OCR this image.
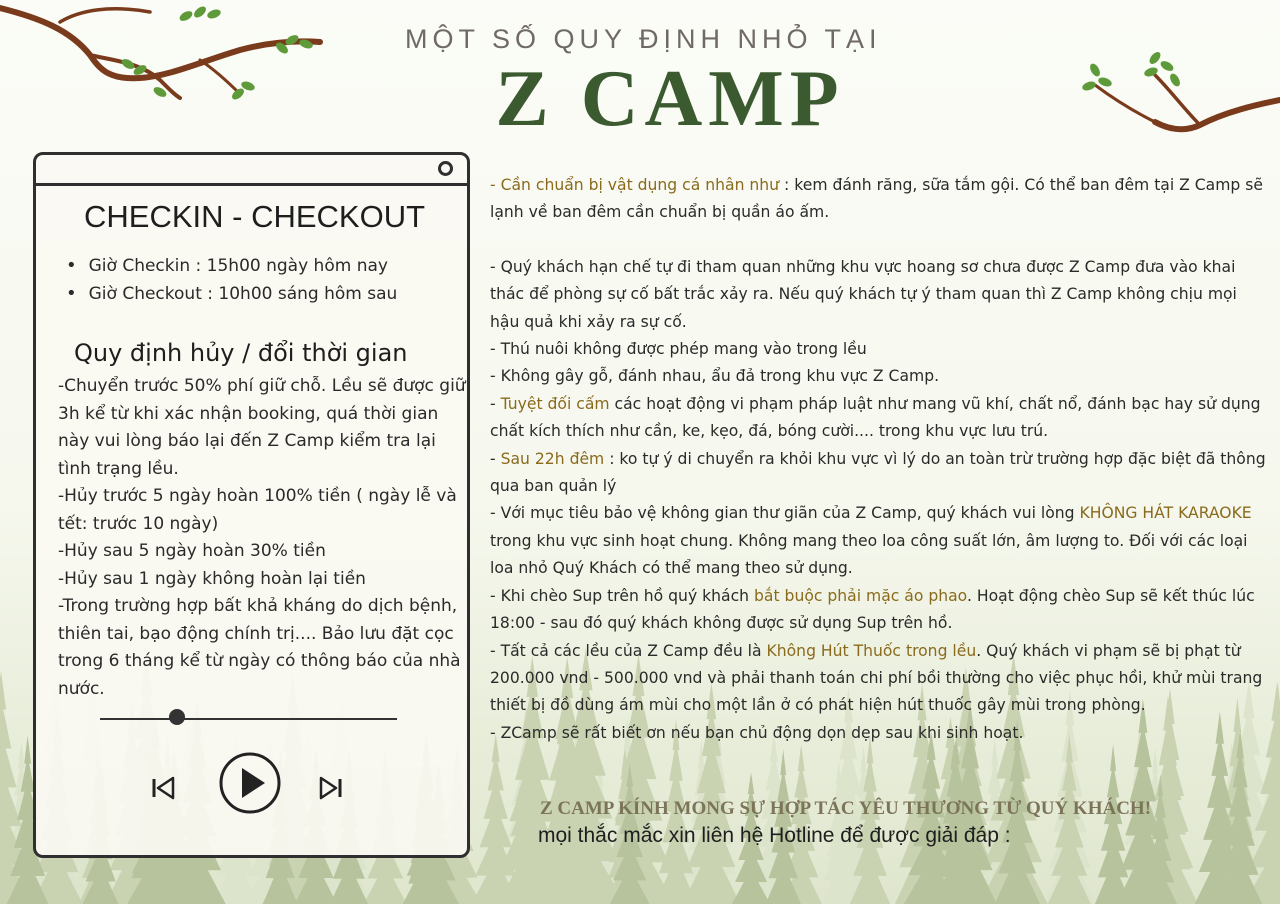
MỘT SỐ QUY ĐỊNH NHỎ TẠI
Z CAMP
CHECKIN - CHECKOUT
• Giờ Checkin : 15h00 ngày hôm nay
• Giờ Checkout : 10h00 sáng hôm sau
Quy định hủy / đổi thời gian

-Chuyển trước 50% phí giữ chỗ. Lều sẽ được giữ 3h kể từ khi xác nhận booking, quá thời gian này vui lòng báo lại đến Z Camp kiểm tra lại tình trạng lều.

-Hủy trước 5 ngày hoàn 100% tiền ( ngày lễ và tết: trước 10 ngày)

-Hủy sau 5 ngày hoàn 30% tiền

-Hủy sau 1 ngày không hoàn lại tiền

-Trong trường hợp bất khả kháng do dịch bệnh, thiên tai, bạo động chính trị.... Bảo lưu đặt cọc trong 6 tháng kể từ ngày có thông báo của nhà nước.

- Cần chuẩn bị vật dụng cá nhân như : kem đánh răng, sữa tắm gội. Có thể ban đêm tại Z Camp sẽ lạnh về ban đêm cần chuẩn bị quần áo ấm.

- Quý khách hạn chế tự đi tham quan những khu vực hoang sơ chưa được Z Camp đưa vào khai thác để phòng sự cố bất trắc xảy ra. Nếu quý khách tự ý tham quan thì Z Camp không chịu mọi hậu quả khi xảy ra sự cố.

- Thú nuôi không được phép mang vào trong lều

- Không gây gỗ, đánh nhau, ẩu đả trong khu vực Z Camp.

- Tuyệt đối cấm các hoạt động vi phạm pháp luật như mang vũ khí, chất nổ, đánh bạc hay sử dụng chất kích thích như cần, ke, kẹo, đá, bóng cười.... trong khu vực lưu trú.

- Sau 22h đêm : ko tự ý di chuyển ra khỏi khu vực vì lý do an toàn trừ trường hợp đặc biệt đã thông qua ban quản lý

- Với mục tiêu bảo vệ không gian thư giãn của Z Camp, quý khách vui lòng KHÔNG HÁT KARAOKE trong khu vực sinh hoạt chung. Không mang theo loa công suất lớn, âm lượng to. Đối với các loại loa nhỏ Quý Khách có thể mang theo sử dụng.

- Khi chèo Sup trên hồ quý khách bắt buộc phải mặc áo phao. Hoạt động chèo Sup sẽ kết thúc lúc 18:00 - sau đó quý khách không được sử dụng Sup trên hồ.

- Tất cả các lều của Z Camp đều là Không Hút Thuốc trong lều. Quý khách vi phạm sẽ bị phạt từ 200.000 vnd - 500.000 vnd và phải thanh toán chi phí bồi thường cho việc phục hồi, khử mùi trang thiết bị đồ dùng ám mùi cho một lần ở có phát hiện hút thuốc gây mùi trong phòng.

- ZCamp sẽ rất biết ơn nếu bạn chủ động dọn dẹp sau khi sinh hoạt.

Z CAMP KÍNH MONG SỰ HỢP TÁC YÊU THƯƠNG TỪ QUÝ KHÁCH!
mọi thắc mắc xin liên hệ Hotline để được giải đáp :
